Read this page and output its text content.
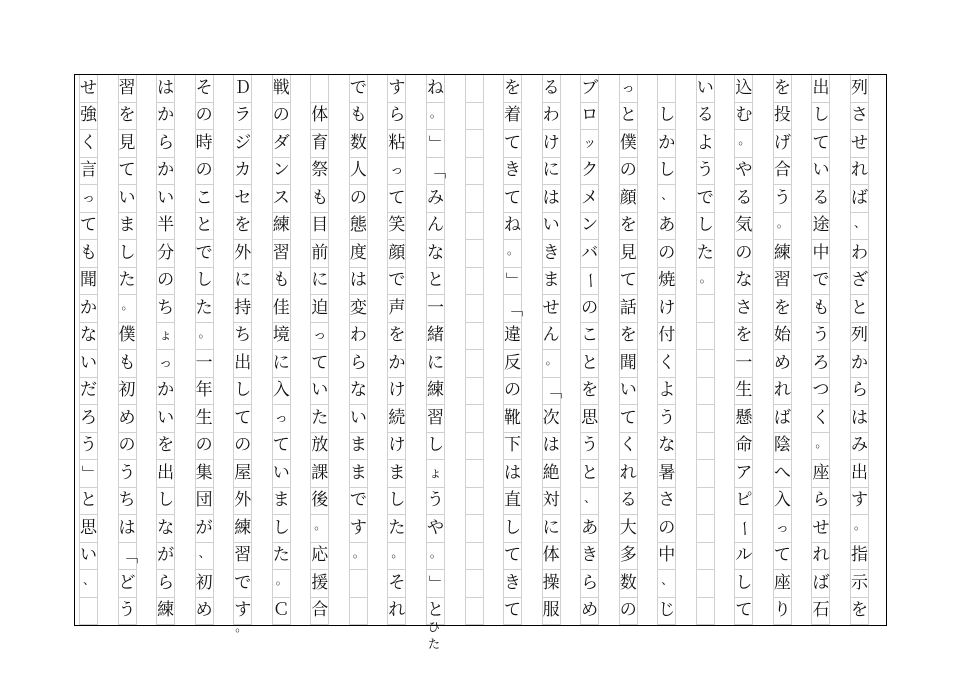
列
さ
せ
れ
ば
、
わ
ざ
と
列
か
ら
は
み
出
す
。
指
示
を
出
し
て
い
る
途
中
で
も
う
ろ
つ
く
。
座
ら
せ
れ
ば
石
を
投
げ
合
う
。
練
習
を
始
め
れ
ば
陰
へ
入
っ
て
座
り
込
む
。
や
る
気
の
な
さ
を
一
生
懸
命
ア
ピ
ー
ル
し
て
い
る
よ
う
で
し
た
。
し
か
し
、
あ
の
焼
け
付
く
よ
う
な
暑
さ
の
中
、
じ
っ
と
僕
の
顔
を
見
て
話
を
聞
い
て
く
れ
る
大
多
数
の
ブ
ロ
ッ
ク
メ
ン
バ
ー
の
こ
と
を
思
う
と
、
あ
き
ら
め
る
わ
け
に
は
い
き
ま
せ
ん
。
「
次
は
絶
対
に
体
操
服
を
着
て
き
て
ね
。
」
「
違
反
の
靴
下
は
直
し
て
き
て
ね
。
」
「
み
ん
な
と
一
緒
に
練
習
し
ょ
う
や
。
」
と
ひた
す
ら
粘
っ
て
笑
顔
で
声
を
か
け
続
け
ま
し
た
。
そ
れ
で
も
数
人
の
態
度
は
変
わ
ら
な
い
ま
ま
で
す
。
体
育
祭
も
目
前
に
迫
っ
て
い
た
放
課
後
。
応
援
合
戦
の
ダ
ン
ス
練
習
も
佳
境
に
入
っ
て
い
ま
し
た
。
Ｃ
Ｄ
ラ
ジ
カ
セ
を
外
に
持
ち
出
し
て
の
屋
外
練
習
で
す
。
そ
の
時
の
こ
と
で
し
た
。
一
年
生
の
集
団
が
、
初
め
は
か
ら
か
い
半
分
の
ち
ょ
っ
か
い
を
出
し
な
が
ら
練
習
を
見
て
い
ま
し
た
。
僕
も
初
め
の
う
ち
は
「
ど
う
せ
強
く
言
っ
て
も
聞
か
な
い
だ
ろ
う
」
と
思
い
、
